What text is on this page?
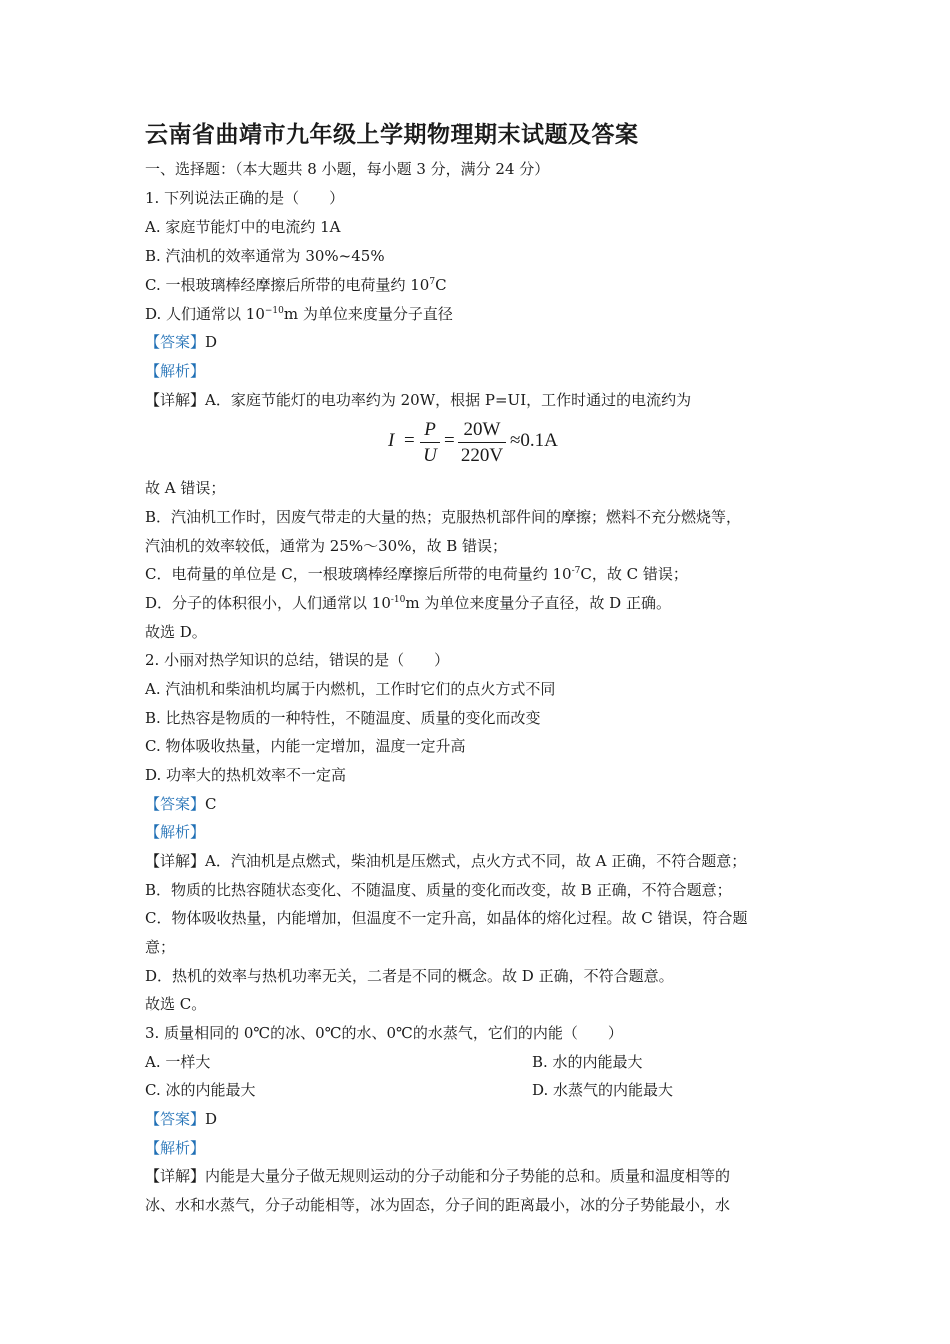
云南省曲靖市九年级上学期物理期末试题及答案
一、选择题：（本大题共 8 小题，每小题 3 分，满分 24 分）
1. 下列说法正确的是（　　）
A. 家庭节能灯中的电流约 1A
B. 汽油机的效率通常为 30%~45%
C. 一根玻璃棒经摩擦后所带的电荷量约 $10^7C$
D. 人们通常以 $10^{-10}m$ 为单位来度量分子直径
【答案】D
【解析】
【详解】A．家庭节能灯的电功率约为 20W，根据 P=UI，工作时通过的电流约为
$I = \frac{P}{U} = \frac{20W}{220V} \approx 0.1A$
故 A 错误；
B．汽油机工作时，因废气带走的大量的热；克服热机部件间的摩擦；燃料不充分燃烧等，
汽油机的效率较低，通常为 25%～30%，故 B 错误；
C．电荷量的单位是 C，一根玻璃棒经摩擦后所带的电荷量约 $10^{-7}C$，故 C 错误；
D．分子的体积很小，人们通常以 $10^{-10}m$ 为单位来度量分子直径，故 D 正确。
故选 D。
2. 小丽对热学知识的总结，错误的是（　　）
A. 汽油机和柴油机均属于内燃机，工作时它们的点火方式不同
B. 比热容是物质的一种特性，不随温度、质量的变化而改变
C. 物体吸收热量，内能一定增加，温度一定升高
D. 功率大的热机效率不一定高
【答案】C
【解析】
【详解】A．汽油机是点燃式，柴油机是压燃式，点火方式不同，故 A 正确，不符合题意；
B．物质的比热容随状态变化、不随温度、质量的变化而改变，故 B 正确，不符合题意；
C．物体吸收热量，内能增加，但温度不一定升高，如晶体的熔化过程。故 C 错误，符合题
意；
D．热机的效率与热机功率无关，二者是不同的概念。故 D 正确，不符合题意。
故选 C。
3. 质量相同的 0℃的冰、0℃的水、0℃的水蒸气，它们的内能（　　）
A. 一样大	B. 水的内能最大
C. 冰的内能最大	D. 水蒸气的内能最大
【答案】D
【解析】
【详解】内能是大量分子做无规则运动的分子动能和分子势能的总和。质量和温度相等的
冰、水和水蒸气，分子动能相等，冰为固态，分子间的距离最小，冰的分子势能最小，水
